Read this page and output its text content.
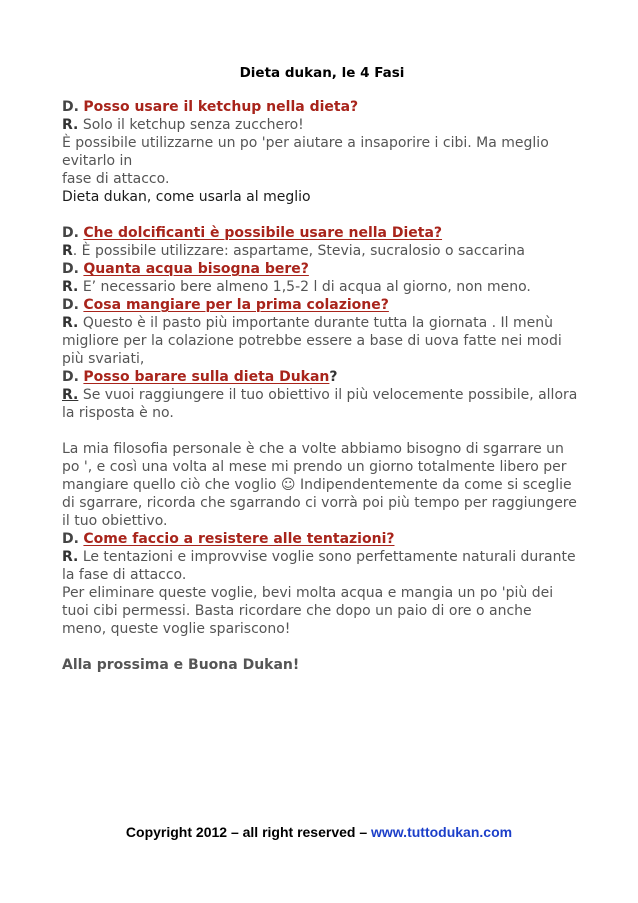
Dieta dukan, le 4 Fasi

D. Posso usare il ketchup nella dieta?

R. Solo il ketchup senza zucchero!

È possibile utilizzarne un po 'per aiutare a insaporire i cibi. Ma meglio

evitarlo in

fase di attacco.

Dieta dukan, come usarla al meglio

D. Che dolcificanti è possibile usare nella Dieta?

R. È possibile utilizzare: aspartame, Stevia, sucralosio o saccarina

D. Quanta acqua bisogna bere?

R. E’ necessario bere almeno 1,5-2 l di acqua al giorno, non meno.

D. Cosa mangiare per la prima colazione?

R. Questo è il pasto più importante durante tutta la giornata . Il menù

migliore per la colazione potrebbe essere a base di uova fatte nei modi

più svariati,

D. Posso barare sulla dieta Dukan?

R. Se vuoi raggiungere il tuo obiettivo il più velocemente possibile, allora

la risposta è no.

La mia filosofia personale è che a volte abbiamo bisogno di sgarrare un

po ', e così una volta al mese mi prendo un giorno totalmente libero per

mangiare quello ciò che voglio ☺ Indipendentemente da come si sceglie

di sgarrare, ricorda che sgarrando ci vorrà poi più tempo per raggiungere

il tuo obiettivo.

D. Come faccio a resistere alle tentazioni?

R. Le tentazioni e improvvise voglie sono perfettamente naturali durante

la fase di attacco.

Per eliminare queste voglie, bevi molta acqua e mangia un po 'più dei

tuoi cibi permessi. Basta ricordare che dopo un paio di ore o anche

meno, queste voglie spariscono!

Alla prossima e Buona Dukan!

Copyright 2012 – all right reserved – www.tuttodukan.com
